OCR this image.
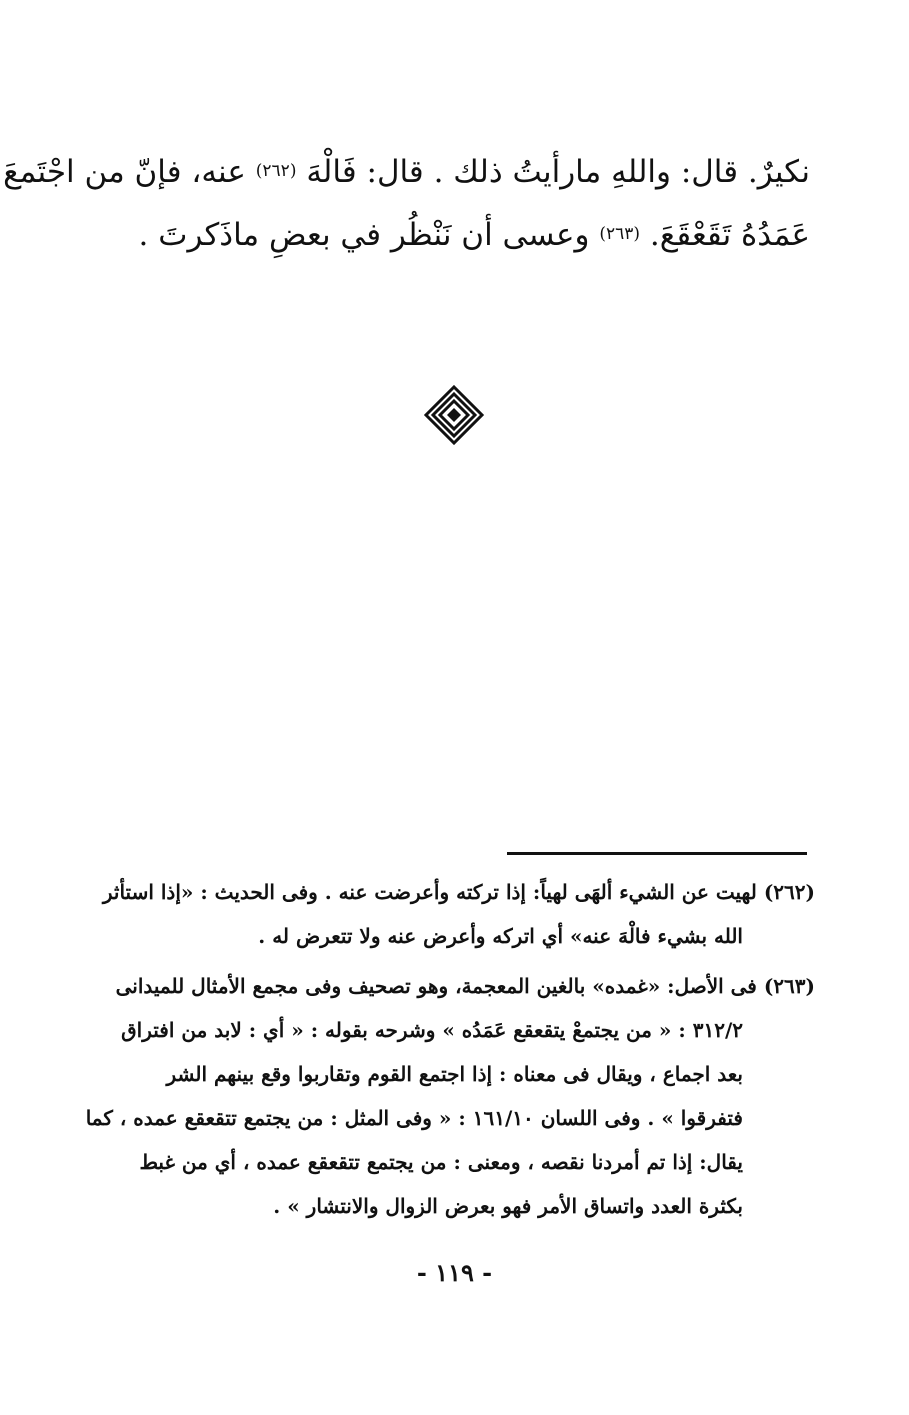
نكيرٌ. قال: واللهِ مارأيتُ ذلك . قال: فَالْهَ (٢٦٢) عنه، فإنّ من اجْتَمعَ
عَمَدُهُ تَقَعْقَعَ. (٢٦٣) وعسى أن نَنْظُر في بعضِ ماذَكرتَ .
(٢٦٢) لهيت عن الشيء ألهَى لهياً: إذا تركته وأعرضت عنه . وفى الحديث : «إذا استأثر
الله بشيء فالْهَ عنه» أي اتركه وأعرض عنه ولا تتعرض له .
(٢٦٣) فى الأصل: «غمده» بالغين المعجمة، وهو تصحيف وفى مجمع الأمثال للميدانى
٣١٢/٢ : « من يجتمعْ يتقعقع عَمَدُه » وشرحه بقوله : « أي : لابد من افتراق
بعد اجماع ، ويقال فى معناه : إذا اجتمع القوم وتقاربوا وقع بينهم الشر
فتفرقوا » . وفى اللسان ١٦١/١٠ : « وفى المثل : من يجتمع تتقعقع عمده ، كما
يقال: إذا تم أمردنا نقصه ، ومعنى : من يجتمع تتقعقع عمده ، أي من غبط
بكثرة العدد واتساق الأمر فهو بعرض الزوال والانتشار » .
- ١١٩ -
